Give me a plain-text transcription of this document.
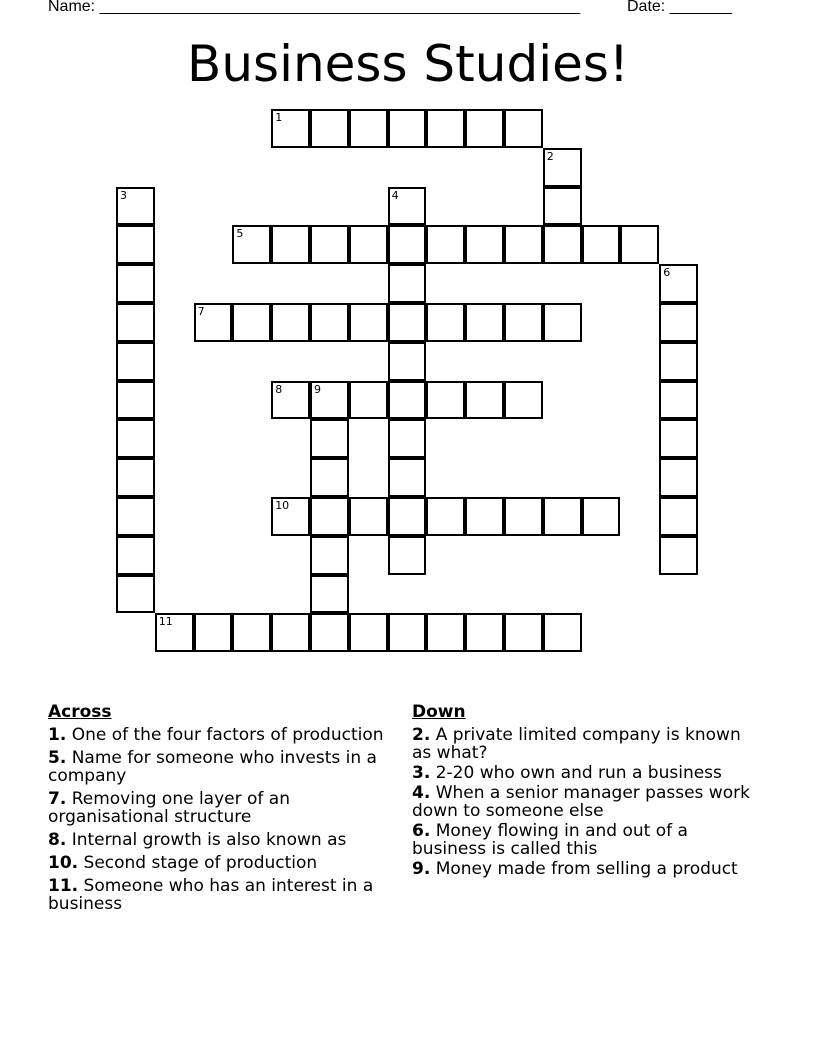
Name: ______________________________________________________	Date: _______
Business Studies!
1
2
3	4
5
6
7
8	9
10
11
Across
1. One of the four factors of production
5. Name for someone who invests in a company
7. Removing one layer of an organisational structure
8. Internal growth is also known as
10. Second stage of production
11. Someone who has an interest in a business
Down
2. A private limited company is known as what?
3. 2-20 who own and run a business
4. When a senior manager passes work down to someone else
6. Money flowing in and out of a business is called this
9. Money made from selling a product
